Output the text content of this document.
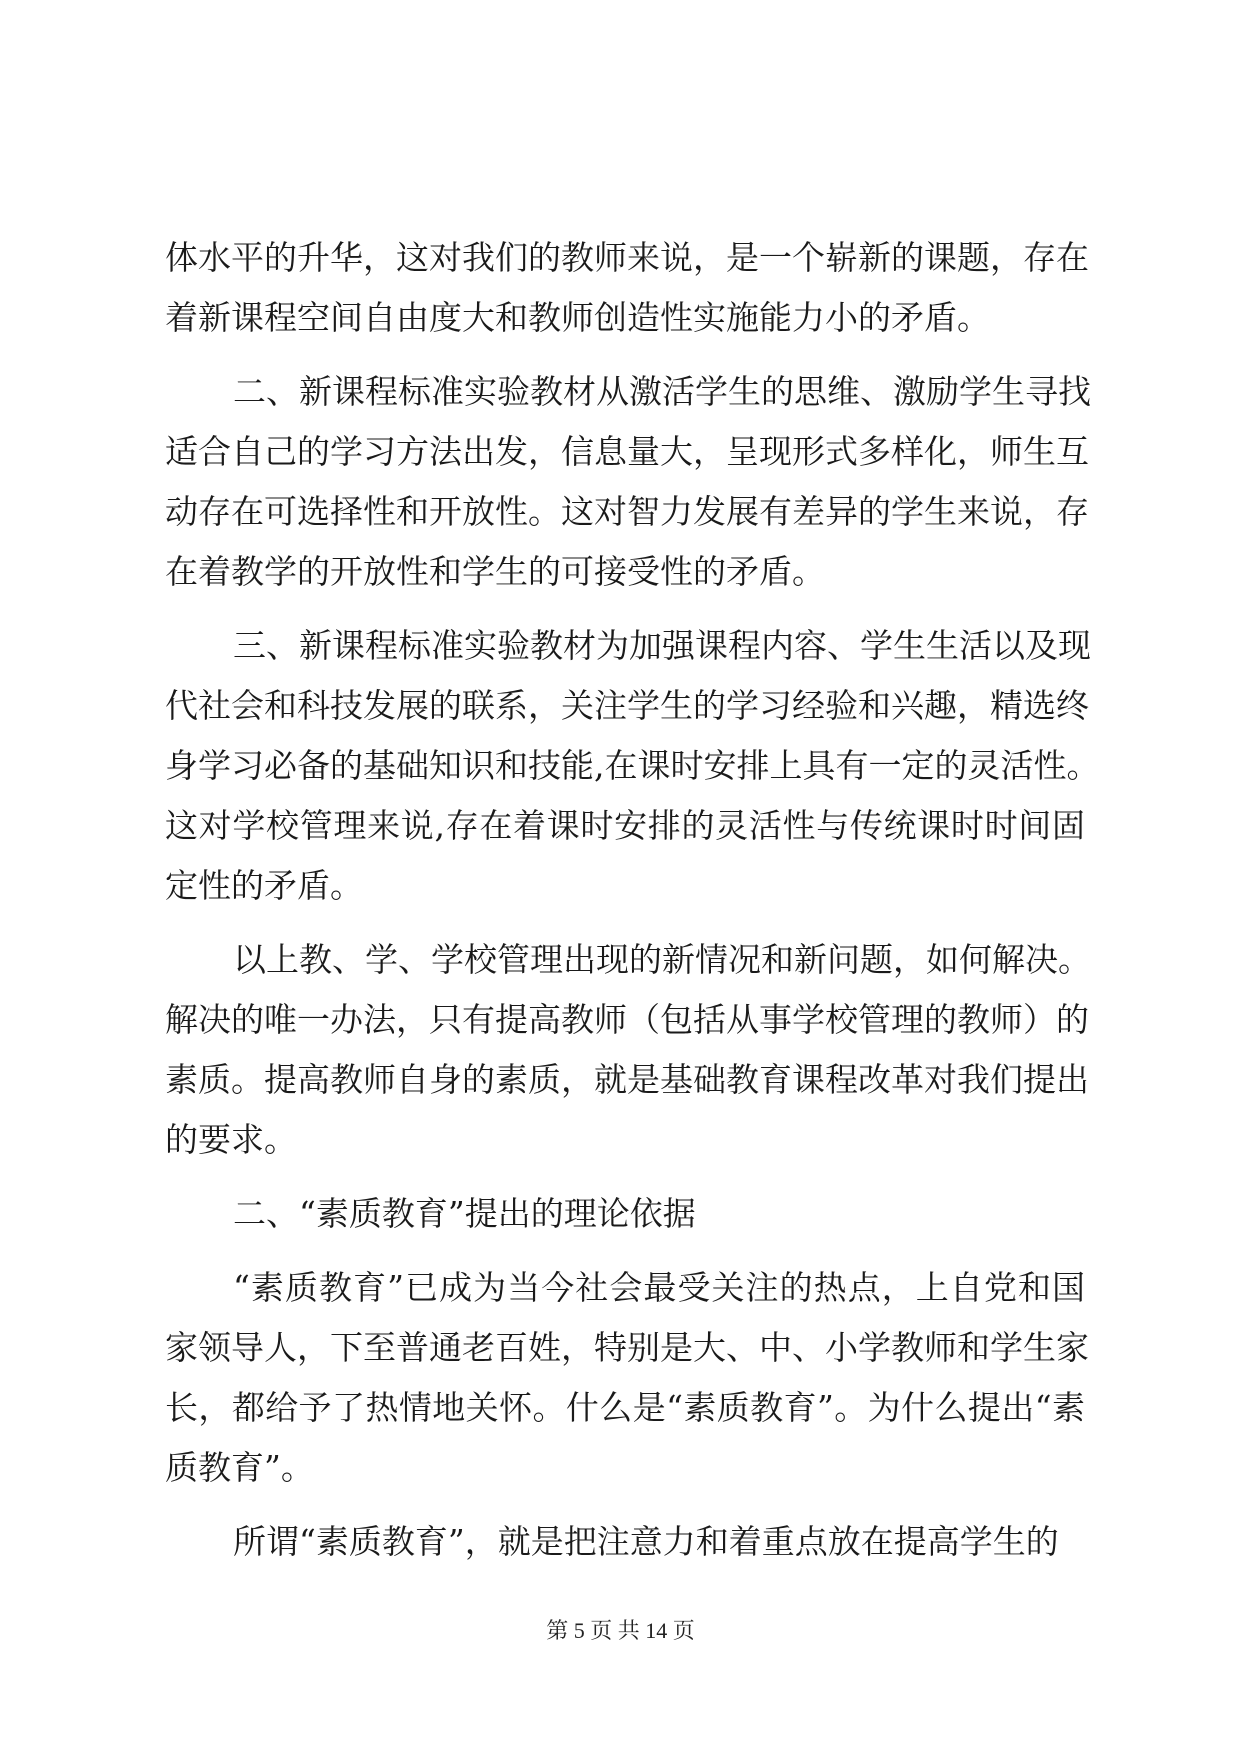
体水平的升华，这对我们的教师来说，是一个崭新的课题，存在
着新课程空间自由度大和教师创造性实施能力小的矛盾。
二、新课程标准实验教材从激活学生的思维、激励学生寻找
适合自己的学习方法出发，信息量大，呈现形式多样化，师生互
动存在可选择性和开放性。这对智力发展有差异的学生来说，存
在着教学的开放性和学生的可接受性的矛盾。
三、新课程标准实验教材为加强课程内容、学生生活以及现
代社会和科技发展的联系，关注学生的学习经验和兴趣，精选终
身学习必备的基础知识和技能,在课时安排上具有一定的灵活性。
这对学校管理来说,存在着课时安排的灵活性与传统课时时间固
定性的矛盾。
以上教、学、学校管理出现的新情况和新问题，如何解决。
解决的唯一办法，只有提高教师（包括从事学校管理的教师）的
素质。提高教师自身的素质，就是基础教育课程改革对我们提出
的要求。
二、“素质教育”提出的理论依据
“素质教育”已成为当今社会最受关注的热点，上自党和国
家领导人，下至普通老百姓，特别是大、中、小学教师和学生家
长，都给予了热情地关怀。什么是“素质教育”。为什么提出“素
质教育”。
所谓“素质教育”，就是把注意力和着重点放在提高学生的
第 5 页 共 14 页
